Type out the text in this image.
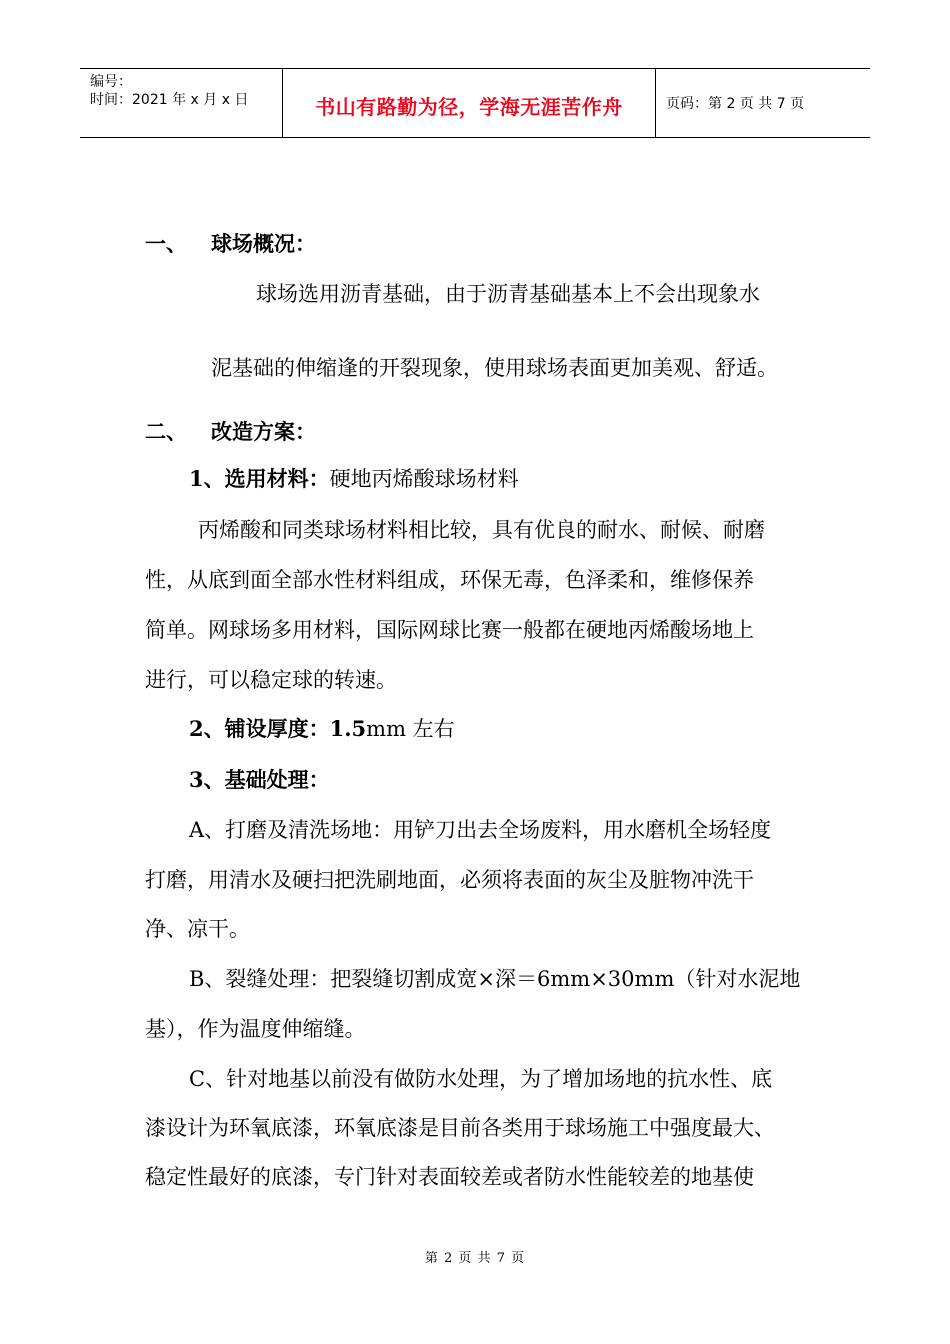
编号：
时间：2021 年 x 月 x 日	书山有路勤为径，学海无涯苦作舟	页码：第 2 页 共 7 页
一、 球场概况：
球场选用沥青基础，由于沥青基础基本上不会出现象水
泥基础的伸缩逢的开裂现象，使用球场表面更加美观、舒适。
二、 改造方案：
1、选用材料：硬地丙烯酸球场材料
丙烯酸和同类球场材料相比较，具有优良的耐水、耐候、耐磨
性，从底到面全部水性材料组成，环保无毒，色泽柔和，维修保养
简单。网球场多用材料，国际网球比赛一般都在硬地丙烯酸场地上
进行，可以稳定球的转速。
2、铺设厚度：1.5mm 左右
3、基础处理：
A、打磨及清洗场地：用铲刀出去全场废料，用水磨机全场轻度
打磨，用清水及硬扫把洗刷地面，必须将表面的灰尘及脏物冲洗干
净、凉干。
B、裂缝处理：把裂缝切割成宽×深＝6mm×30mm（针对水泥地
基），作为温度伸缩缝。
C、针对地基以前没有做防水处理，为了增加场地的抗水性、底
漆设计为环氧底漆，环氧底漆是目前各类用于球场施工中强度最大、
稳定性最好的底漆，专门针对表面较差或者防水性能较差的地基使
第 2 页 共 7 页
